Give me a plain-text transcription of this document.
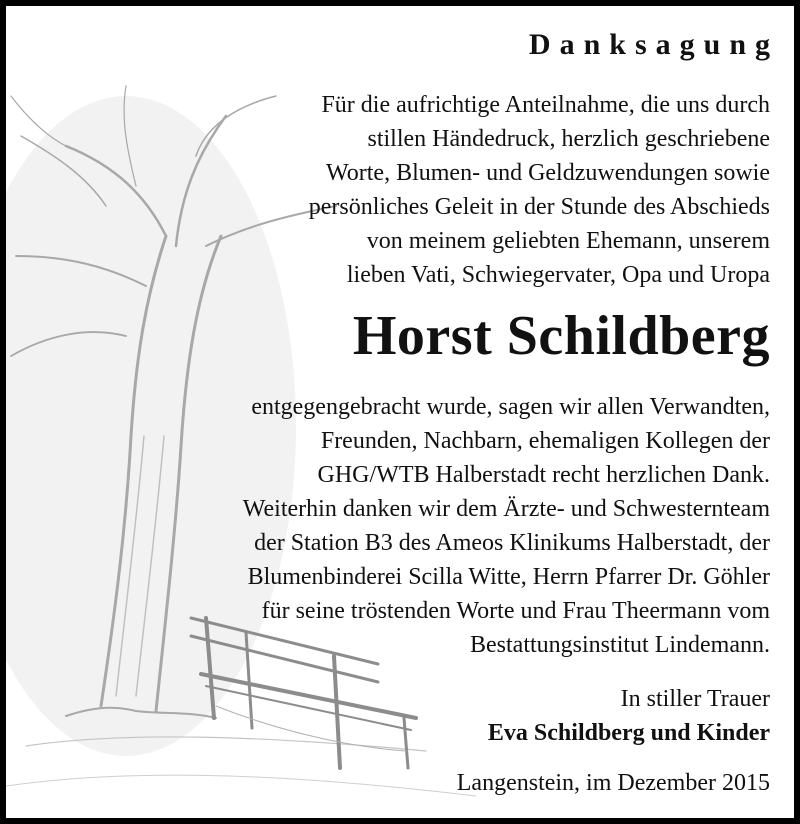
Danksagung
Für die aufrichtige Anteilnahme, die uns durch
stillen Händedruck, herzlich geschriebene
Worte, Blumen- und Geldzuwendungen sowie
persönliches Geleit in der Stunde des Abschieds
von meinem geliebten Ehemann, unserem
lieben Vati, Schwiegervater, Opa und Uropa
Horst Schildberg
entgegengebracht wurde, sagen wir allen Verwandten,
Freunden, Nachbarn, ehemaligen Kollegen der
GHG/WTB Halberstadt recht herzlichen Dank.
Weiterhin danken wir dem Ärzte- und Schwesternteam
der Station B3 des Ameos Klinikums Halberstadt, der
Blumenbinderei Scilla Witte, Herrn Pfarrer Dr. Göhler
für seine tröstenden Worte und Frau Theermann vom
Bestattungsinstitut Lindemann.
In stiller Trauer
Eva Schildberg und Kinder
Langenstein, im Dezember 2015
